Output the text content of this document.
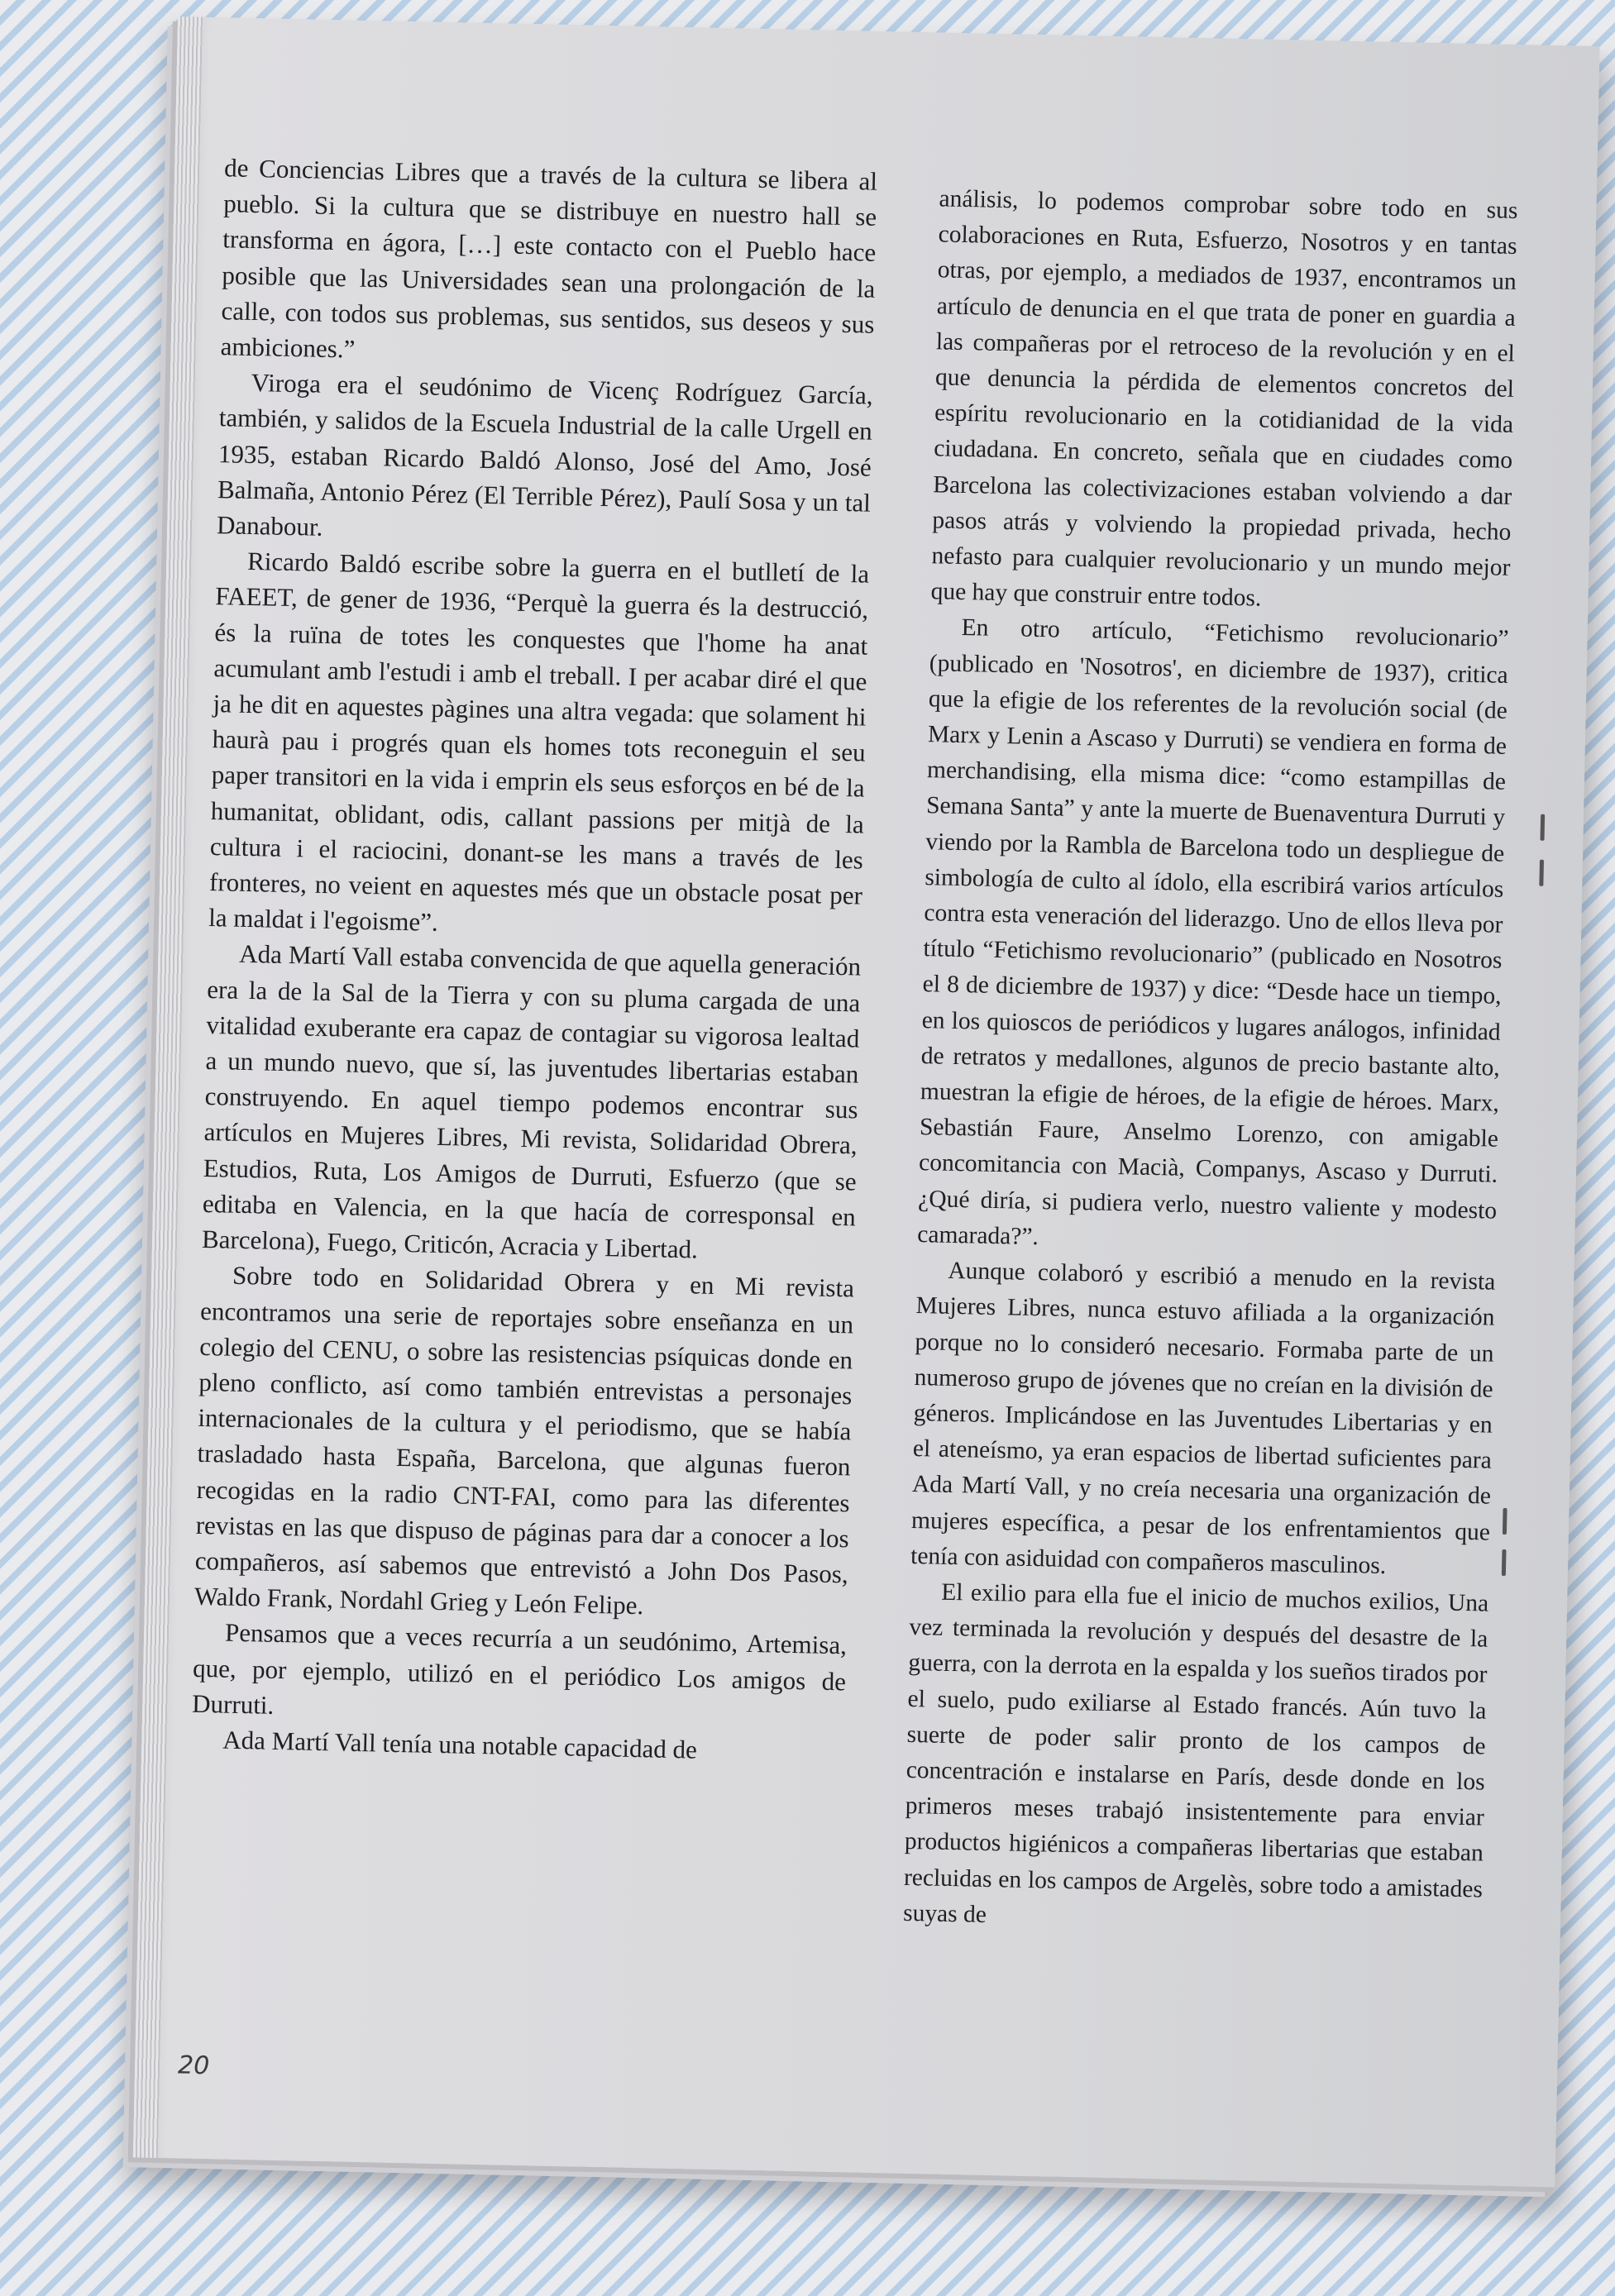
de Conciencias Libres que a través de la cultura se libera al pueblo. Si la cultura que se distribuye en nuestro hall se transforma en ágora, […] este contacto con el Pueblo hace posible que las Universidades sean una prolongación de la calle, con todos sus problemas, sus sentidos, sus deseos y sus ambiciones.”

Viroga era el seudónimo de Vicenç Rodríguez García, también, y salidos de la Escuela Industrial de la calle Urgell en 1935, estaban Ricardo Baldó Alonso, José del Amo, José Balmaña, Antonio Pérez (El Terrible Pérez), Paulí Sosa y un tal Danabour.

Ricardo Baldó escribe sobre la guerra en el butlletí de la FAEET, de gener de 1936, “Perquè la guerra és la destrucció, és la ruïna de totes les conquestes que l'home ha anat acumulant amb l'estudi i amb el treball. I per acabar diré el que ja he dit en aquestes pàgines una altra vegada: que solament hi haurà pau i progrés quan els homes tots reconeguin el seu paper transitori en la vida i emprin els seus esforços en bé de la humanitat, oblidant, odis, callant passions per mitjà de la cultura i el raciocini, donant-se les mans a través de les fronteres, no veient en aquestes més que un obstacle posat per la maldat i l'egoisme”.

Ada Martí Vall estaba convencida de que aquella generación era la de la Sal de la Tierra y con su pluma cargada de una vitalidad exuberante era capaz de contagiar su vigorosa lealtad a un mundo nuevo, que sí, las juventudes libertarias estaban construyendo. En aquel tiempo podemos encontrar sus artículos en Mujeres Libres, Mi revista, Solidaridad Obrera, Estudios, Ruta, Los Amigos de Durruti, Esfuerzo (que se editaba en Valencia, en la que hacía de corresponsal en Barcelona), Fuego, Criticón, Acracia y Libertad.

Sobre todo en Solidaridad Obrera y en Mi revista encontramos una serie de reportajes sobre enseñanza en un colegio del CENU, o sobre las resistencias psíquicas donde en pleno conflicto, así como también entrevistas a personajes internacionales de la cultura y el periodismo, que se había trasladado hasta España, Barcelona, que algunas fueron recogidas en la radio CNT-FAI, como para las diferentes revistas en las que dispuso de páginas para dar a conocer a los compañeros, así sabemos que entrevistó a John Dos Pasos, Waldo Frank, Nordahl Grieg y León Felipe.

Pensamos que a veces recurría a un seudónimo, Artemisa, que, por ejemplo, utilizó en el periódico Los amigos de Durruti.

Ada Martí Vall tenía una notable capacidad de

análisis, lo podemos comprobar sobre todo en sus colaboraciones en Ruta, Esfuerzo, Nosotros y en tantas otras, por ejemplo, a mediados de 1937, encontramos un artículo de denuncia en el que trata de poner en guardia a las compañeras por el retroceso de la revolución y en el que denuncia la pérdida de elementos concretos del espíritu revolucionario en la cotidianidad de la vida ciudadana. En concreto, señala que en ciudades como Barcelona las colectivizaciones estaban volviendo a dar pasos atrás y volviendo la propiedad privada, hecho nefasto para cualquier revolucionario y un mundo mejor que hay que construir entre todos.

En otro artículo, “Fetichismo revolucionario” (publicado en 'Nosotros', en diciembre de 1937), critica que la efigie de los referentes de la revolución social (de Marx y Lenin a Ascaso y Durruti) se vendiera en forma de merchandising, ella misma dice: “como estampillas de Semana Santa” y ante la muerte de Buenaventura Durruti y viendo por la Rambla de Barcelona todo un despliegue de simbología de culto al ídolo, ella escribirá varios artículos contra esta veneración del liderazgo. Uno de ellos lleva por título “Fetichismo revolucionario” (publicado en Nosotros el 8 de diciembre de 1937) y dice: “Desde hace un tiempo, en los quioscos de periódicos y lugares análogos, infinidad de retratos y medallones, algunos de precio bastante alto, muestran la efigie de héroes, de la efigie de héroes. Marx, Sebastián Faure, Anselmo Lorenzo, con amigable concomitancia con Macià, Companys, Ascaso y Durruti. ¿Qué diría, si pudiera verlo, nuestro valiente y modesto camarada?”.

Aunque colaboró y escribió a menudo en la revista Mujeres Libres, nunca estuvo afiliada a la organización porque no lo consideró necesario. Formaba parte de un numeroso grupo de jóvenes que no creían en la división de géneros. Implicándose en las Juventudes Libertarias y en el ateneísmo, ya eran espacios de libertad suficientes para Ada Martí Vall, y no creía necesaria una organización de mujeres específica, a pesar de los enfrentamientos que tenía con asiduidad con compañeros masculinos.

El exilio para ella fue el inicio de muchos exilios, Una vez terminada la revolución y después del desastre de la guerra, con la derrota en la espalda y los sueños tirados por el suelo, pudo exiliarse al Estado francés. Aún tuvo la suerte de poder salir pronto de los campos de concentración e instalarse en París, desde donde en los primeros meses trabajó insistentemente para enviar productos higiénicos a compañeras libertarias que estaban recluidas en los campos de Argelès, sobre todo a amistades suyas de

20
